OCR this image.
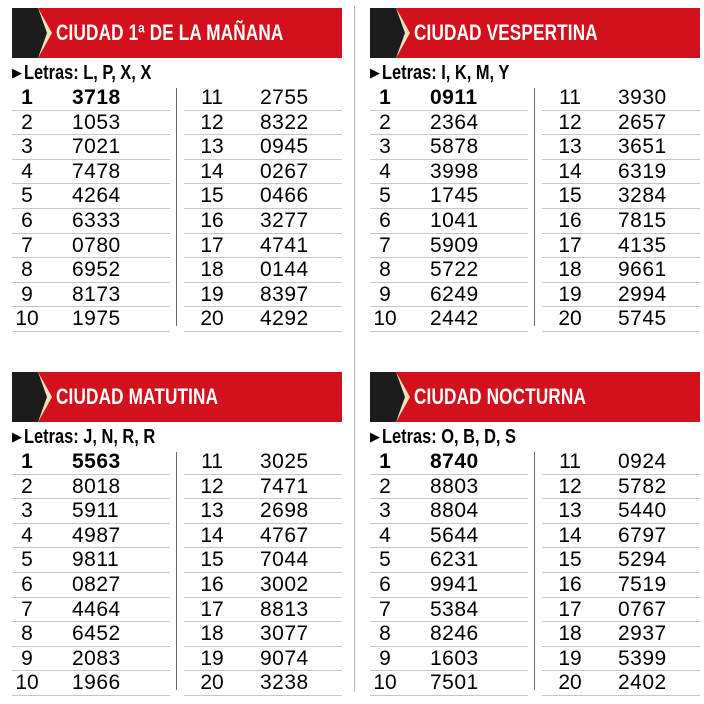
CIUDAD 1ª DE LA MAÑANA
▶ Letras: L, P, X, X
1	3718
2	1053
3	7021
4	7478
5	4264
6	6333
7	0780
8	6952
9	8173
10 1975
11	2755
12	8322
13	0945
14	0267
15	0466
16	3277
17	4741
18	0144
19	8397
20	4292
CIUDAD VESPERTINA
▶ Letras: I, K, M, Y
1	0911
2	2364
3	5878
4	3998
5	1745
6	1041
7	5909
8	5722
9	6249
10 2442
11	3930
12	2657
13	3651
14	6319
15	3284
16	7815
17	4135
18	9661
19	2994
20	5745
CIUDAD MATUTINA
▶ Letras: J, N, R, R
1	5563
2	8018
3	5911
4	4987
5	9811
6	0827
7	4464
8	6452
9	2083
10 1966
11	3025
12	7471
13	2698
14	4767
15	7044
16	3002
17	8813
18	3077
19	9074
20	3238
CIUDAD NOCTURNA
▶ Letras: O, B, D, S
1	8740
2	8803
3	8804
4	5644
5	6231
6	9941
7	5384
8	8246
9	1603
10 7501
11	0924
12	5782
13	5440
14	6797
15	5294
16	7519
17	0767
18	2937
19	5399
20	2402
